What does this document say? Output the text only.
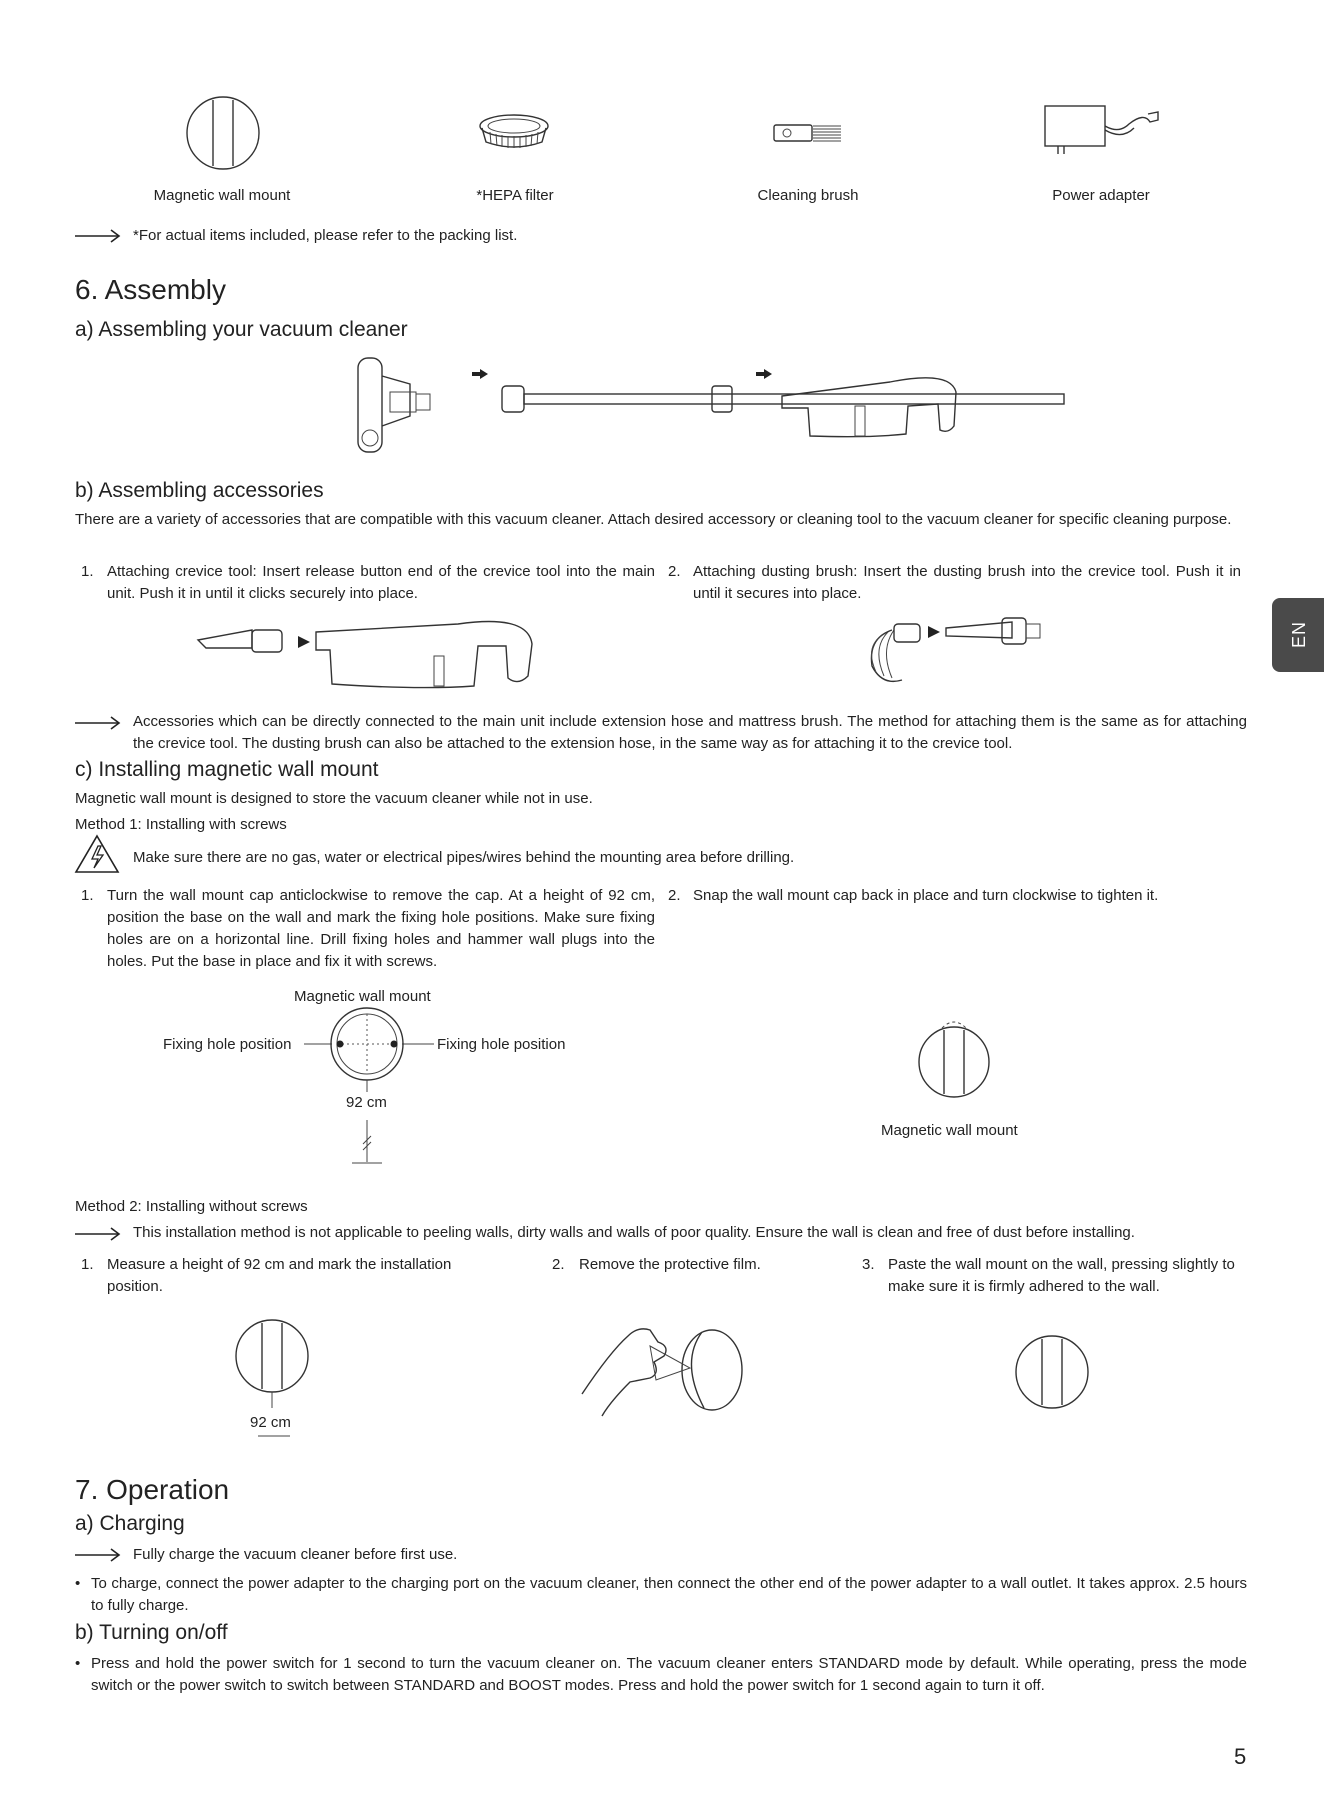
Magnetic wall mount	*HEPA filter	Cleaning brush	Power adapter
*For actual items included, please refer to the packing list.
6. Assembly
a) Assembling your vacuum cleaner
b) Assembling accessories
There are a variety of accessories that are compatible with this vacuum cleaner. Attach desired accessory or cleaning tool to the vacuum cleaner for specific cleaning purpose.
1. Attaching crevice tool: Insert release button end of the crevice tool into the main unit. Push it in until it clicks securely into place.
2. Attaching dusting brush: Insert the dusting brush into the crevice tool. Push it in until it secures into place.
Accessories which can be directly connected to the main unit include extension hose and mattress brush. The method for attaching them is the same as for attaching the crevice tool. The dusting brush can also be attached to the extension hose, in the same way as for attaching it to the crevice tool.
c) Installing magnetic wall mount
Magnetic wall mount is designed to store the vacuum cleaner while not in use.
Method 1: Installing with screws
Make sure there are no gas, water or electrical pipes/wires behind the mounting area before drilling.
1. Turn the wall mount cap anticlockwise to remove the cap. At a height of 92 cm, position the base on the wall and mark the fixing hole positions. Make sure fixing holes are on a horizontal line. Drill fixing holes and hammer wall plugs into the holes. Put the base in place and fix it with screws.
2. Snap the wall mount cap back in place and turn clockwise to tighten it.
Magnetic wall mount
Fixing hole position	Fixing hole position
92 cm
Magnetic wall mount
Method 2: Installing without screws
This installation method is not applicable to peeling walls, dirty walls and walls of poor quality. Ensure the wall is clean and free of dust before installing.
1. Measure a height of 92 cm and mark the installation position.
2. Remove the protective film.	3. Paste the wall mount on the wall, pressing slightly to make sure it is firmly adhered to the wall.
92 cm
7. Operation
a) Charging
Fully charge the vacuum cleaner before first use.
• To charge, connect the power adapter to the charging port on the vacuum cleaner, then connect the other end of the power adapter to a wall outlet. It takes approx. 2.5 hours to fully charge.
b) Turning on/off
• Press and hold the power switch for 1 second to turn the vacuum cleaner on. The vacuum cleaner enters STANDARD mode by default. While operating, press the mode switch or the power switch to switch between STANDARD and BOOST modes. Press and hold the power switch for 1 second again to turn it off.
EN
5
